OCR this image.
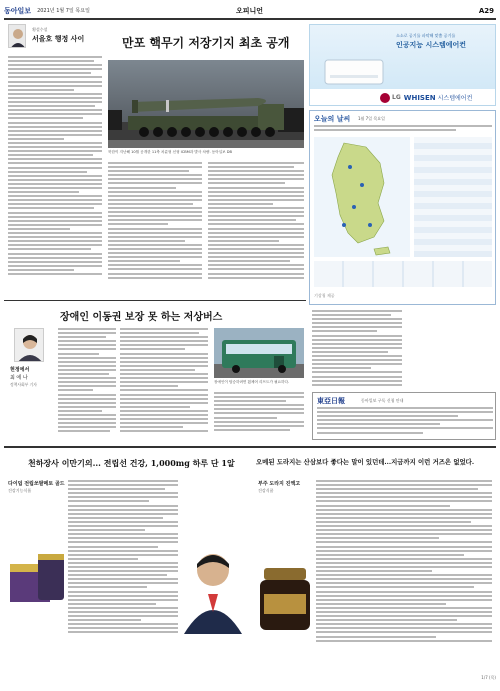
동아일보 2021년 1월 7일 목요일	오피니언	A29
횡설수설
서을호 행정 사이	만포 핵무기 저장기지 최초 공개
북한이 지난해 10월 공개한 11축 차륜형 신형 ICBM과 발사 차량. 동아일보 DB
소소로 공기를 파악해 맞춤 공기를
인공지능 시스템에어컨
LG WHISEN 시스템에어컨
오늘의 날씨 1월 7일 목요일
기상청 제공
장애인 이동권 보장 못 하는 저상버스
현정에서
최 에 나
정책사회부 기자	장애인이 탑승하려면 휠체어 리프트가 필요하다.
東亞日報	동아일보 구독 신청 안내
천하장사 이만기의... 전립선 건강, 1,000mg 하루 단 1알
다이덥 전립쏘팔메토 골드
건강기능식품
오메된 도라지는 산삼보다 좋다는 말이 있던데...지금까지 이런 거즈은 없었다.
부주 도라지 진액고
건강식품
1/7 (목)
